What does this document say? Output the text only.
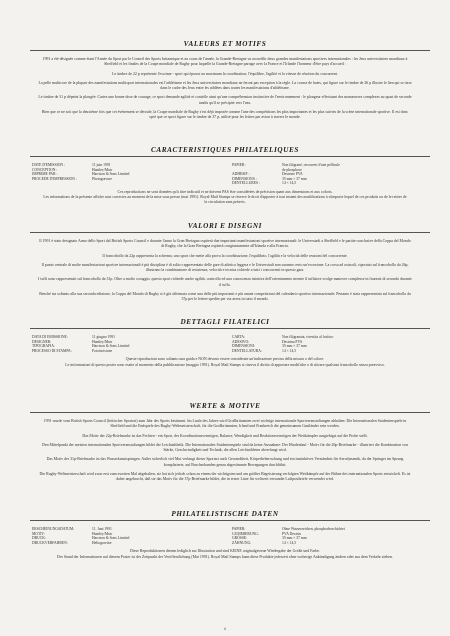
VALEURS ET MOTIFS
1991 a été désignée comme étant l'Année du Sport par le Conseil des Sports britannique et au cours de l'année, la Grande-Bretagne va accueillir deux grandes manifestations sportives internationales : les Jeux universitaires mondiaux à Sheffield et les finales de la Coupe mondiale de Rugby pour laquelle la Grande-Bretagne partage avec la France et l'Irlande l'honneur d'être pays d'accueil :
Le timbre de 22 p représente l'escrime - sport qui épouse au maximum la coordination, l'équilibre, l'agilité et la vitesse de réaction du concurrent.
La pelle multicore de la plupart des manifestations multisport internationales est l'athlétisme et les Jeux universitaires mondiaux ne feront pas exception à la règle. La course de haies, qui figure sur le timbre de 26 p illustre le lien qui se tisse dans le cadre des Jeux entre les athlètes dans toutes les manifestations d'athlétisme.
Le timbre de 31 p dépeint la plongée. Cartes une bonne dose de courage, ce sport demande agilité et contrôle ainsi qu'une compréhension instinctive de l'environnement : le plongeur effectuant des manœuvres complexes au quart de seconde tandis qu'il se précipite vers l'eau.
Bien que ce ne soit que la deuxième fois que cet événement se déroule, la Coupe mondiale de Rugby s'est déjà imposée comme l'une des compétitions les plus importantes et les plus suivies de la scène internationale sportive. Il est donc opté que ce sport figure sur le timbre de 37 p, utilisé pour les lettres par avion à travers le monde.
CARACTERISTIQUES PHILATELIQUES
DATE D'EMISSION :	11 juin 1991
CONCEPTION :	Huntley/Muir
IMPRIME PAR :	Harrison & Sons Limited
PROCEDE D'IMPRESSION :	Photogravure
PAPIER :	Non filigrané, recouvert d'une pellicule
de phosphore
ADHESIF :	Dextrine PVA
DIMENSIONS :	35 mm × 37 mm
DENTELLURES :	14 × 14,5
Ces reproductions ne sont données qu'à titre indicatif et ne doivent PAS être considérées de précision quant aux dimensions et aux coloris.
Les informations de la présente affiche sont correctes au moment de la mise sous presse (mai 1991). Royal Mail Stamps se réserve le droit d'apporter à tout instant des modifications à n'importe lequel de ces produits ou de le retirer de la circulation sans préavis.
VALORI E DISEGNI
Il 1991 è stato designato Anno dello Sport dal British Sports Council e durante l'anno la Gran Bretagna ospiterà due importanti manifestazioni sportive internazionali: le Universiadi a Sheffield e le partite conclusive della Coppa del Mondo di Rugby, che la Gran Bretagna ospiterà congiuntamente all'Irlanda e alla Francia.
Il francobollo da 22p rappresenta la scherma, uno sport che mette alla prova la coordinazione, l'equilibrio, l'agilità e la velocità delle reazioni del concorrente.
Il punto centrale di molte manifestazioni sportive internazionali è pià disciplina è di solito rappresentato delle gare di atletica leggera e le Universiadi non saranno certo un'eccezione. La corsa ad ostacoli, riportato sul francobollo da 26p, illustrano la combinazione di resistenza, velocità e tecnica richiede a tutti i concorrenti in questo gara.
I tuffi sono rappresentati sul francobollo da 31p. Oltre a molto coraggio, questo sport richiede anche agilità, controllo ed una conoscenza istintiva dell'orientamento mentre il tuffatore svolge manovre complesse in frazioni di secondo durante il tuffo.
Benché sia soltanto alla sua seconda edizione, la Coppa del Mondo di Rugby si è già affermata come una delle più importanti e più amate competizioni del calendario sportivo internazionale. Pertanto è stata rappresentata sul francobollo da 37p per le lettere spedite per via aerea in tutto il mondo.
DETTAGLI FILATELICI
DATA DI EMISSIONE:	11 giugno 1991
DESIGNER:	Huntley/Muir
TIPOGRAFIA:	Harrison & Sons Limited
PROCESSO DI STAMPA:	Fotoincisione
CARTA:	Non filigranata, rivestita al fosforo
ADESIVO:	Destrina PVA
DIMENSIONI:	35 mm × 37 mm
DENTELLATURA:	14 × 14,5
Queste riproduzioni sono soltanto una guida e NON devono essere considerate un'indicazione precisa della misura o del colore.
Le informazioni di questo poster sono esatte al momento della pubblicazione (maggio 1991). Royal Mail Stamps si riserva il diritto di apportare modifiche o di ritirare qualsiasi francobollo senza preavviso.
WERTE & MOTIVE
1991 wurde vom British Sports Council (britischer Sportrat) zum Jahr des Sports bestimmt. Im Laufe des Jahres wird Großbritannien zwei wichtige internationale Sportveranstaltungen abhalten: Die Internationalen Studentenspiele in Sheffield und die Endspiele des Rugby-Weltmeisterschaft, für die Großbritannien, Irland und Frankreich die gemeinsamen Gastländer sein werden.
Das Motiv der 22p-Briefmarke ist das Fechten - ein Sport, der Koordinationsvermögen, Balance, Wendigkeit und Reaktionsvermögen der Wettkämpfer ausgiebigst auf die Probe stellt.
Den Mittelpunkt der meisten internationalen Sportveranstaltungen bildet die Leichtathletik. Die Internationalen Studentenspiele sind da keine Ausnahme: Der Hürdenlauf - Motiv für die 26p-Briefmarke - illustriert die Kombination von Stärke, Geschwindigkeit und Technik, die allen Leichtathleten abverlangt wird.
Das Motiv der 31p-Briefmarke ist das Wasserkunstspringen. Außer sicherlich viel Mut verlangt dieser Sportart auch Gewandtheit, Körperbeherrschung und ein instinktives Verständnis für Aerodynamik, da der Springer im Sprung komplizierte, auf Bruchsekunden genau abgestimmte Bewegungen durchführt.
Die Rugby-Weltmeisterschaft wird zwar erst zum zweiten Mal abgehalten, sie hat sich jedoch schon zu einem der wichtigsten und am größter Begeisterung verfolgten Wettkämpfe auf der Bühne des internationalen Sports entwickelt. Es ist daher angebracht, daß sie das Motiv für die 37p-Briefmarke bildet, die in erster Linie für weltweit versandte Luftpostbriefe verwendet wird.
PHILATELISTISCHE DATEN
ERSCHEINUNGSDATUM:	11. Juni 1991
MOTIV:	Huntley/Muir
DRUCK:	Harrison & Sons Limited
DRUCKVERFAHREN:	Heliogravüre
PAPIER:	Ohne Wasserzeichen, phosphorbeschichtet
GUMMIERUNG:	PVA Dextrin
GRÖSSE:	35 mm × 37 mm
ZÄHNUNG:	14 × 14,5
Diese Reproduktionen dienen lediglich zur Illustration und sind KEINE originalgetreue Wiedergabe der Größe und Farbe.
Der Stand der Informationen auf diesem Poster ist der Zeitpunkt der Veröffentlichung (Mai 1991). Royal Mail Stamps kann diese Produkte jederzeit ohne vorherige Ankündigung ändern oder aus dem Verkehr ziehen.
ii
